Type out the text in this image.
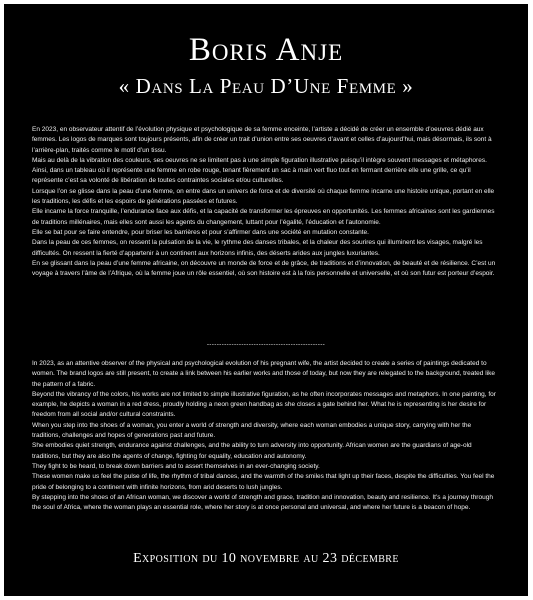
Boris Anje
« Dans La Peau D’Une Femme »

En 2023, en observateur attentif de l’évolution physique et psychologique de sa femme enceinte, l’artiste a décidé de créer un ensemble d’oeuvres dédié aux femmes. Les logos de marques sont toujours présents, afin de créer un trait d’union entre ses oeuvres d’avant et celles d’aujourd’hui, mais désormais, ils sont à l’arrière-plan, traités comme le motif d’un tissu.

Mais au delà de la vibration des couleurs, ses oeuvres ne se limitent pas à une simple figuration illustrative puisqu’il intègre souvent messages et métaphores. Ainsi, dans un tableau où il représente une femme en robe rouge, tenant fièrement un sac à main vert fluo tout en fermant derrière elle une grille, ce qu’il représente c’est sa volonté de libération de toutes contraintes sociales et/ou culturelles.

Lorsque l’on se glisse dans la peau d’une femme, on entre dans un univers de force et de diversité où chaque femme incarne une histoire unique, portant en elle les traditions, les défis et les espoirs de générations passées et futures.

Elle incarne la force tranquille, l’endurance face aux défis, et la capacité de transformer les épreuves en opportunités. Les femmes africaines sont les gardiennes de traditions millénaires, mais elles sont aussi les agents du changement, luttant pour l’égalité, l’éducation et l’autonomie.

Elle se bat pour se faire entendre, pour briser les barrières et pour s’affirmer dans une société en mutation constante.

Dans la peau de ces femmes, on ressent la pulsation de la vie, le rythme des danses tribales, et la chaleur des sourires qui illuminent les visages, malgré les difficultés. On ressent la fierté d’appartenir à un continent aux horizons infinis, des déserts arides aux jungles luxuriantes.

En se glissant dans la peau d’une femme africaine, on découvre un monde de force et de grâce, de traditions et d’innovation, de beauté et de résilience. C’est un voyage à travers l’âme de l’Afrique, où la femme joue un rôle essentiel, où son histoire est à la fois personnelle et universelle, et où son futur est porteur d’espoir.

------------------------------------------------

In 2023, as an attentive observer of the physical and psychological evolution of his pregnant wife, the artist decided to create a series of paintings dedicated to women. The brand logos are still present, to create a link between his earlier works and those of today, but now they are relegated to the background, treated like the pattern of a fabric.

Beyond the vibrancy of the colors, his works are not limited to simple illustrative figuration, as he often incorporates messages and metaphors. In one painting, for example, he depicts a woman in a red dress, proudly holding a neon green handbag as she closes a gate behind her. What he is representing is her desire for freedom from all social and/or cultural constraints.

When you step into the shoes of a woman, you enter a world of strength and diversity, where each woman embodies a unique story, carrying with her the traditions, challenges and hopes of generations past and future.

She embodies quiet strength, endurance against challenges, and the ability to turn adversity into opportunity. African women are the guardians of age-old traditions, but they are also the agents of change, fighting for equality, education and autonomy.

They fight to be heard, to break down barriers and to assert themselves in an ever-changing society.

These women make us feel the pulse of life, the rhythm of tribal dances, and the warmth of the smiles that light up their faces, despite the difficulties. You feel the pride of belonging to a continent with infinite horizons, from arid deserts to lush jungles.

By stepping into the shoes of an African woman, we discover a world of strength and grace, tradition and innovation, beauty and resilience. It’s a journey through the soul of Africa, where the woman plays an essential role, where her story is at once personal and universal, and where her future is a beacon of hope.

Exposition du 10 novembre au 23 décembre
